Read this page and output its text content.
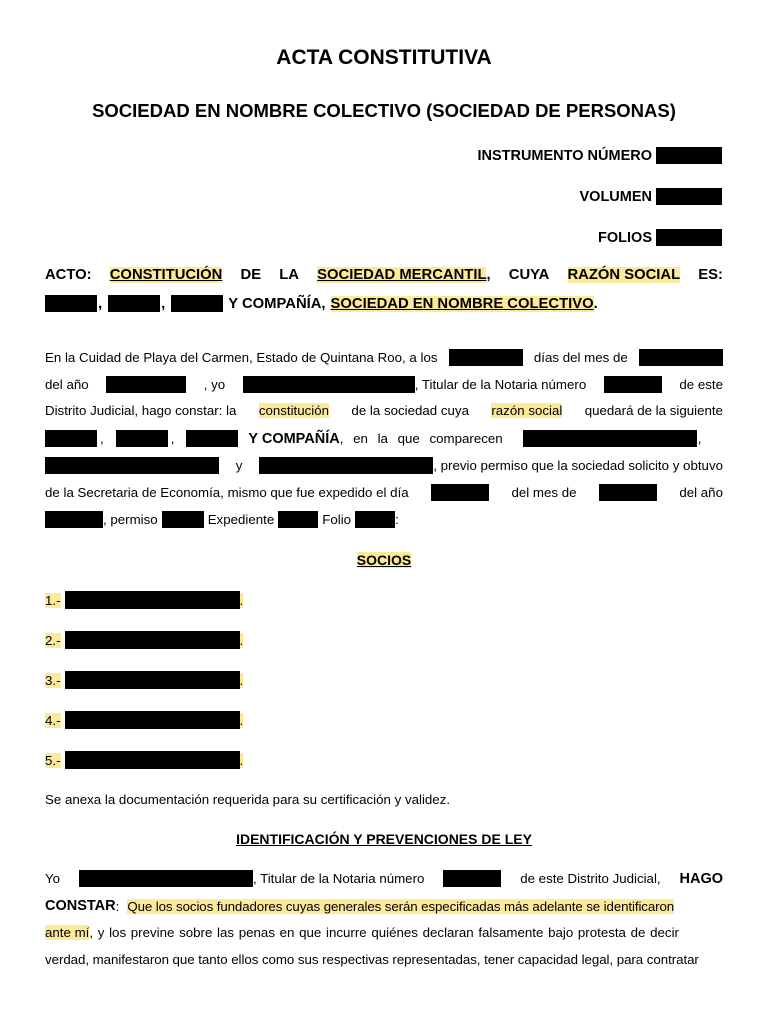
ACTA CONSTITUTIVA
SOCIEDAD EN NOMBRE COLECTIVO (SOCIEDAD DE PERSONAS)
INSTRUMENTO NÚMERO
VOLUMEN
FOLIOS
ACTO: CONSTITUCIÓN DE LA SOCIEDAD MERCANTIL, CUYA RAZÓN SOCIAL ES:
,	,	Y COMPAÑÍA, SOCIEDAD EN NOMBRE COLECTIVO .
En la Cuidad de Playa del Carmen, Estado de Quintana Roo, a los	días del mes de
del año	, yo	, Titular de la Notaria número	de este
Distrito Judicial, hago constar: la constitución de la sociedad cuya razón social quedará de la siguiente
,	,	Y COMPAÑÍA , en la que comparecen	,
y	, previo permiso que la sociedad solicito y obtuvo
de la Secretaria de Economía, mismo que fue expedido el día	del mes de	del año
, permiso	Expediente	Folio	:
SOCIOS
1.-	.
2.-	.
3.-	.
4.-	.
5.-	.
Se anexa la documentación requerida para su certificación y validez.
IDENTIFICACIÓN Y PREVENCIONES DE LEY
Yo	, Titular de la Notaria número	de este Distrito Judicial, HAGO
CONSTAR : Que los socios fundadores cuyas generales serán especificadas más adelante se identificaron
ante mí, y los previne sobre las penas en que incurre quiénes declaran falsamente bajo protesta de decir
verdad, manifestaron que tanto ellos como sus respectivas representadas, tener capacidad legal, para contratar
